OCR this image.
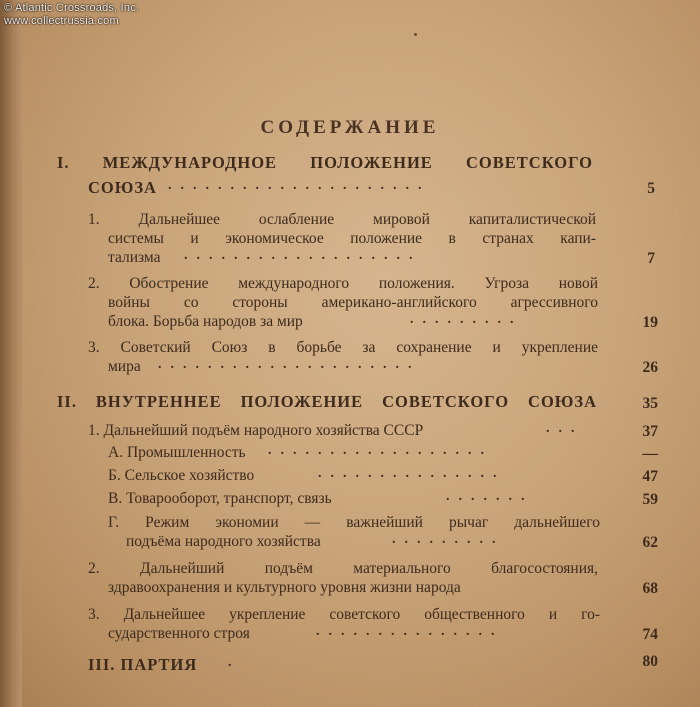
© Atlantic Crossroads, Inc.
www.collectrussia.com
СОДЕРЖАНИЕ
I. МЕЖДУНАРОДНОЕ ПОЛОЖЕНИЕ СОВЕТСКОГО
СОЮЗА .....................	5
1. Дальнейшее ослабление мировой капиталистической
системы и экономическое положение в странах капи-
тализма ...................	7
2. Обострение международного положения. Угроза новой
войны со стороны американо-английского агрессивного
блока. Борьба народов за мир	.........	19
3. Советский Союз в борьбе за сохранение и укрепление
мира .....................	26
II. ВНУТРЕННЕЕ ПОЛОЖЕНИЕ СОВЕТСКОГО СОЮЗА	35
1. Дальнейший подъём народного хозяйства СССР	...	37
А. Промышленность ..................	—
Б. Сельское хозяйство	...............	47
В. Товарооборот, транспорт, связь	.......	59
Г. Режим экономии — важнейший рычаг дальнейшего
подъёма народного хозяйства	.........	62
2. Дальнейший подъём материального благосостояния,
здравоохранения и культурного уровня жизни народа	68
3. Дальнейшее укрепление советского общественного и го-
сударственного строя	...............	74
III. ПАРТИЯ .	80
